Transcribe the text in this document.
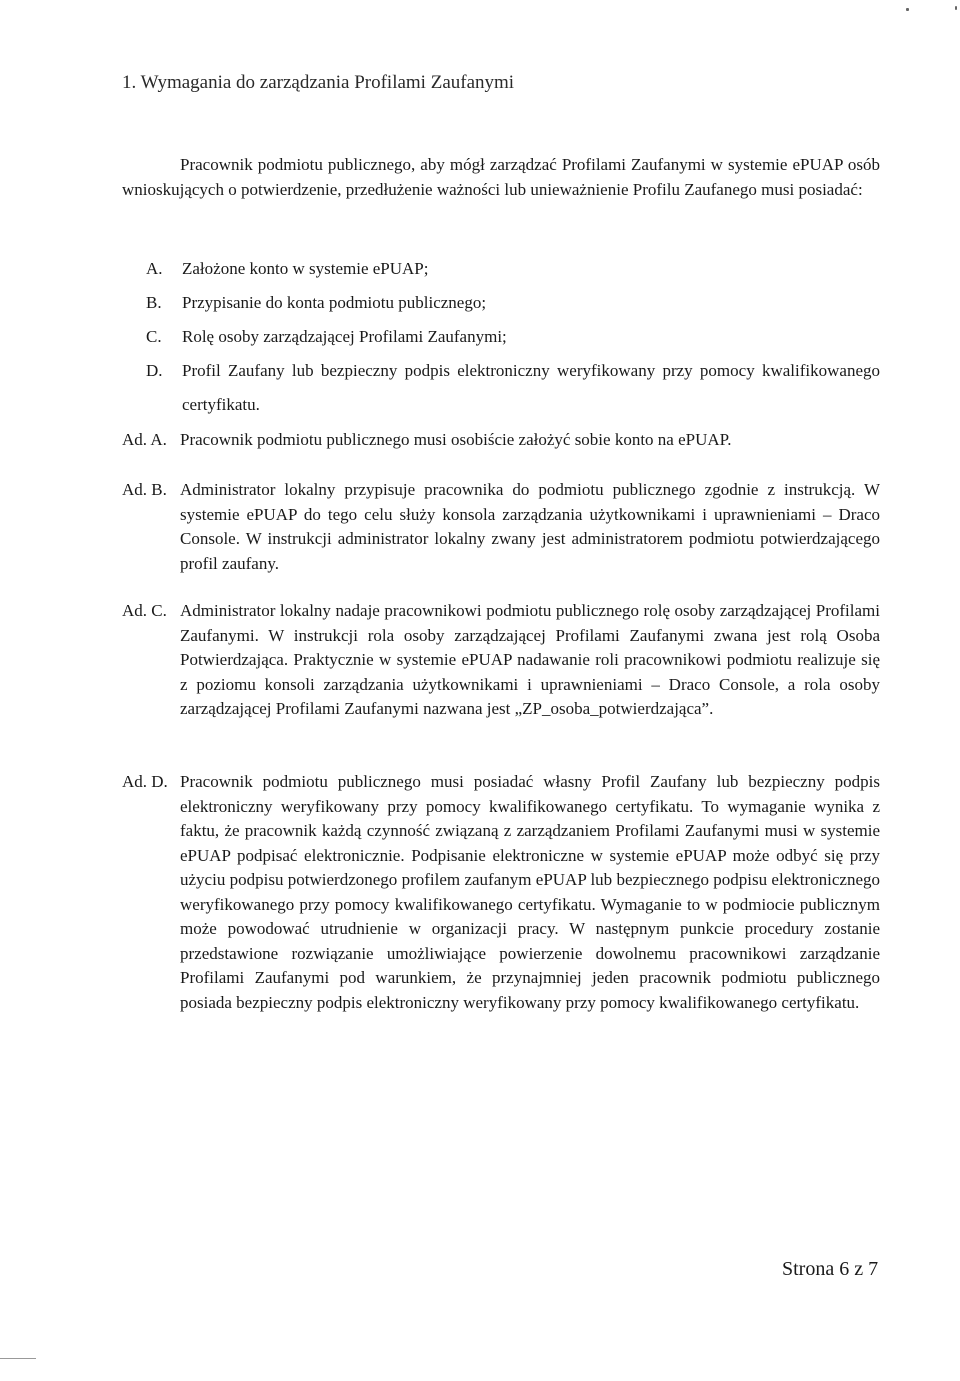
1. Wymagania do zarządzania Profilami Zaufanymi
Pracownik podmiotu publicznego, aby mógł zarządzać Profilami Zaufanymi w systemie ePUAP osób wnioskujących o potwierdzenie, przedłużenie ważności lub unieważnienie Profilu Zaufanego musi posiadać:
A.	Założone konto w systemie ePUAP;
B.	Przypisanie do konta podmiotu publicznego;
C.	Rolę osoby zarządzającej Profilami Zaufanymi;
D.	Profil Zaufany lub bezpieczny podpis elektroniczny weryfikowany przy pomocy kwalifikowanego certyfikatu.
Ad. A. Pracownik podmiotu publicznego musi osobiście założyć sobie konto na ePUAP.
Ad. B. Administrator lokalny przypisuje pracownika do podmiotu publicznego zgodnie z instrukcją. W systemie ePUAP do tego celu służy konsola zarządzania użytkownikami i uprawnieniami – Draco Console. W instrukcji administrator lokalny zwany jest administratorem podmiotu potwierdzającego profil zaufany.
Ad. C. Administrator lokalny nadaje pracownikowi podmiotu publicznego rolę osoby zarządzającej Profilami Zaufanymi. W instrukcji rola osoby zarządzającej Profilami Zaufanymi zwana jest rolą Osoba Potwierdzająca. Praktycznie w systemie ePUAP nadawanie roli pracownikowi podmiotu realizuje się z poziomu konsoli zarządzania użytkownikami i uprawnieniami – Draco Console, a rola osoby zarządzającej Profilami Zaufanymi nazwana jest „ZP_osoba_potwierdzająca”.
Ad. D. Pracownik podmiotu publicznego musi posiadać własny Profil Zaufany lub bezpieczny podpis elektroniczny weryfikowany przy pomocy kwalifikowanego certyfikatu. To wymaganie wynika z faktu, że pracownik każdą czynność związaną z zarządzaniem Profilami Zaufanymi musi w systemie ePUAP podpisać elektronicznie. Podpisanie elektroniczne w systemie ePUAP może odbyć się przy użyciu podpisu potwierdzonego profilem zaufanym ePUAP lub bezpiecznego podpisu elektronicznego weryfikowanego przy pomocy kwalifikowanego certyfikatu. Wymaganie to w podmiocie publicznym może powodować utrudnienie w organizacji pracy. W następnym punkcie procedury zostanie przedstawione rozwiązanie umożliwiające powierzenie dowolnemu pracownikowi zarządzanie Profilami Zaufanymi pod warunkiem, że przynajmniej jeden pracownik podmiotu publicznego posiada bezpieczny podpis elektroniczny weryfikowany przy pomocy kwalifikowanego certyfikatu.
Strona 6 z 7
